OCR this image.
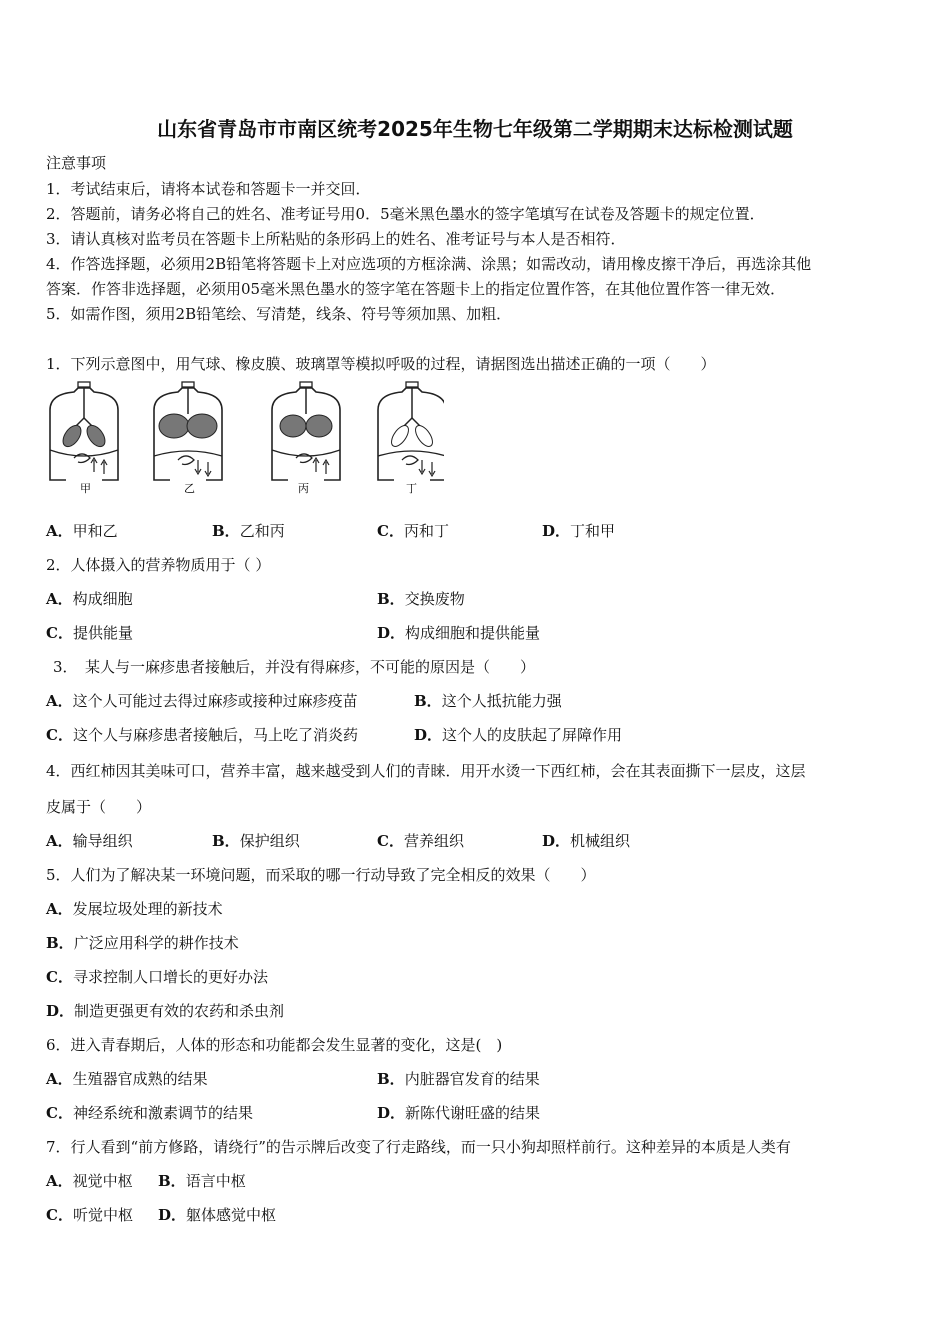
山东省青岛市市南区统考2025年生物七年级第二学期期末达标检测试题
注意事项
1．考试结束后，请将本试卷和答题卡一并交回．
2．答题前，请务必将自己的姓名、准考证号用0．5毫米黑色墨水的签字笔填写在试卷及答题卡的规定位置．
3．请认真核对监考员在答题卡上所粘贴的条形码上的姓名、准考证号与本人是否相符．
4．作答选择题，必须用2B铅笔将答题卡上对应选项的方框涂满、涂黑；如需改动，请用橡皮擦干净后，再选涂其他
答案．作答非选择题，必须用05毫米黑色墨水的签字笔在答题卡上的指定位置作答，在其他位置作答一律无效．
5．如需作图，须用2B铅笔绘、写清楚，线条、符号等须加黑、加粗．
1．下列示意图中，用气球、橡皮膜、玻璃罩等模拟呼吸的过程，请据图选出描述正确的一项（　　）
甲	乙	丙	丁
A．甲和乙	B．乙和丙	C．丙和丁	D．丁和甲
2．人体摄入的营养物质用于（ ）
A．构成细胞	B．交换废物
C．提供能量	D．构成细胞和提供能量
3．　某人与一麻疹患者接触后，并没有得麻疹，不可能的原因是（　　）
A．这个人可能过去得过麻疹或接种过麻疹疫苗	B．这个人抵抗能力强
C．这个人与麻疹患者接触后，马上吃了消炎药	D．这个人的皮肤起了屏障作用
4．西红柿因其美味可口，营养丰富，越来越受到人们的青睐．用开水烫一下西红柿，会在其表面撕下一层皮，这层
皮属于（　　）
A．输导组织	B．保护组织	C．营养组织	D．机械组织
5．人们为了解决某一环境问题，而采取的哪一行动导致了完全相反的效果（　　）
A．发展垃圾处理的新技术
B．广泛应用科学的耕作技术
C．寻求控制人口增长的更好办法
D．制造更强更有效的农药和杀虫剂
6．进入青春期后，人体的形态和功能都会发生显著的变化，这是(　)
A．生殖器官成熟的结果	B．内脏器官发育的结果
C．神经系统和激素调节的结果	D．新陈代谢旺盛的结果
7．行人看到“前方修路，请绕行”的告示牌后改变了行走路线，而一只小狗却照样前行。这种差异的本质是人类有
A．视觉中枢 B．语言中枢
C．听觉中枢 D．躯体感觉中枢
